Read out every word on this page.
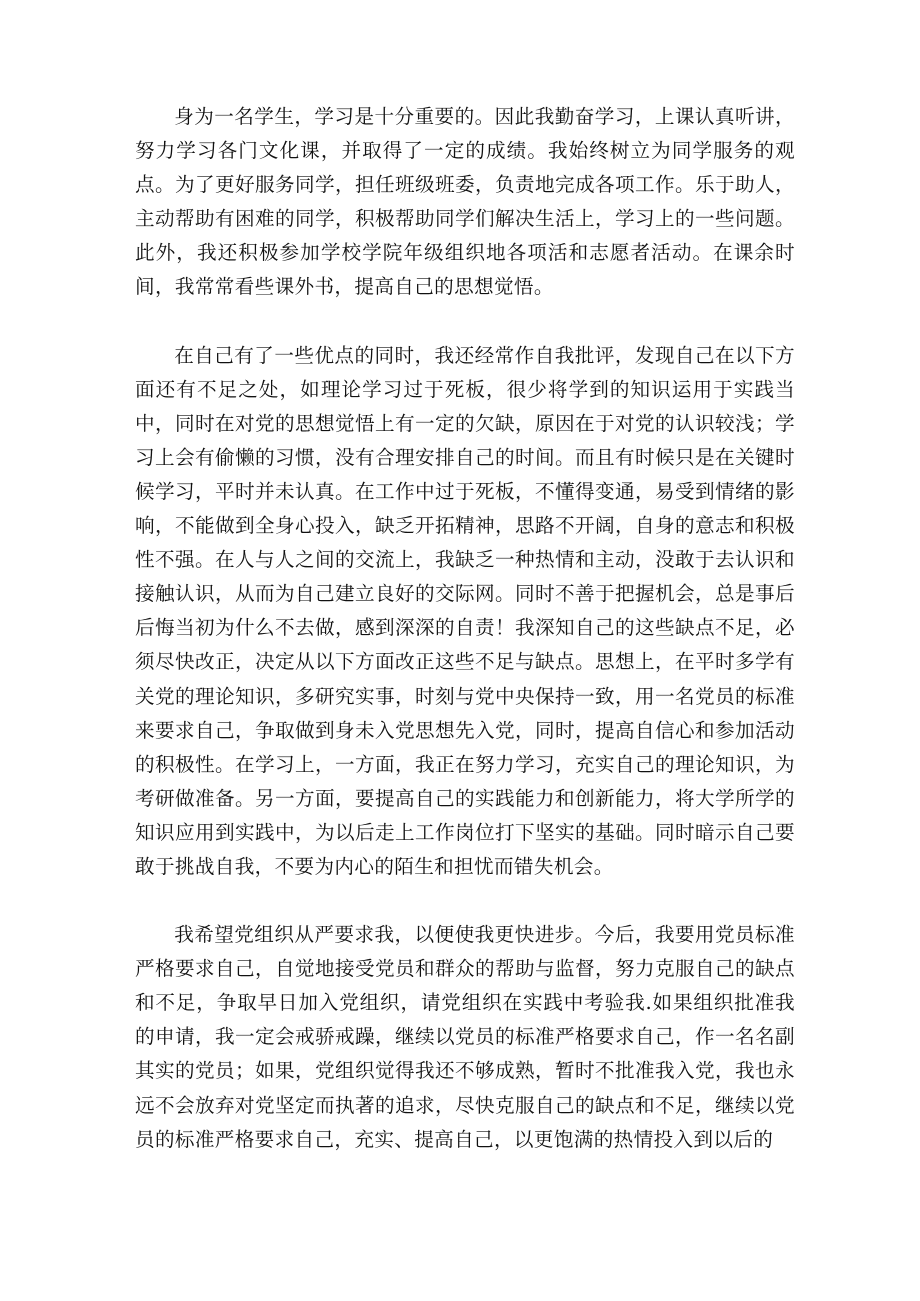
身为一名学生，学习是十分重要的。因此我勤奋学习，上课认真听讲，努力学习各门文化课，并取得了一定的成绩。我始终树立为同学服务的观点。为了更好服务同学，担任班级班委，负责地完成各项工作。乐于助人，主动帮助有困难的同学，积极帮助同学们解决生活上，学习上的一些问题。此外，我还积极参加学校学院年级组织地各项活和志愿者活动。在课余时间，我常常看些课外书，提高自己的思想觉悟。

在自己有了一些优点的同时，我还经常作自我批评，发现自己在以下方面还有不足之处，如理论学习过于死板，很少将学到的知识运用于实践当中，同时在对党的思想觉悟上有一定的欠缺，原因在于对党的认识较浅；学习上会有偷懒的习惯，没有合理安排自己的时间。而且有时候只是在关键时候学习，平时并未认真。在工作中过于死板，不懂得变通，易受到情绪的影响，不能做到全身心投入，缺乏开拓精神，思路不开阔，自身的意志和积极性不强。在人与人之间的交流上，我缺乏一种热情和主动，没敢于去认识和接触认识，从而为自己建立良好的交际网。同时不善于把握机会，总是事后后悔当初为什么不去做，感到深深的自责！我深知自己的这些缺点不足，必须尽快改正，决定从以下方面改正这些不足与缺点。思想上，在平时多学有关党的理论知识，多研究实事，时刻与党中央保持一致，用一名党员的标准来要求自己，争取做到身未入党思想先入党，同时，提高自信心和参加活动的积极性。在学习上，一方面，我正在努力学习，充实自己的理论知识，为考研做准备。另一方面，要提高自己的实践能力和创新能力，将大学所学的知识应用到实践中，为以后走上工作岗位打下坚实的基础。同时暗示自己要敢于挑战自我，不要为内心的陌生和担忧而错失机会。

我希望党组织从严要求我，以便使我更快进步。今后，我要用党员标准严格要求自己，自觉地接受党员和群众的帮助与监督，努力克服自己的缺点和不足，争取早日加入党组织，请党组织在实践中考验我.如果组织批准我的申请，我一定会戒骄戒躁，继续以党员的标准严格要求自己，作一名名副其实的党员；如果，党组织觉得我还不够成熟，暂时不批准我入党，我也永远不会放弃对党坚定而执著的追求，尽快克服自己的缺点和不足，继续以党员的标准严格要求自己，充实、提高自己，以更饱满的热情投入到以后的
